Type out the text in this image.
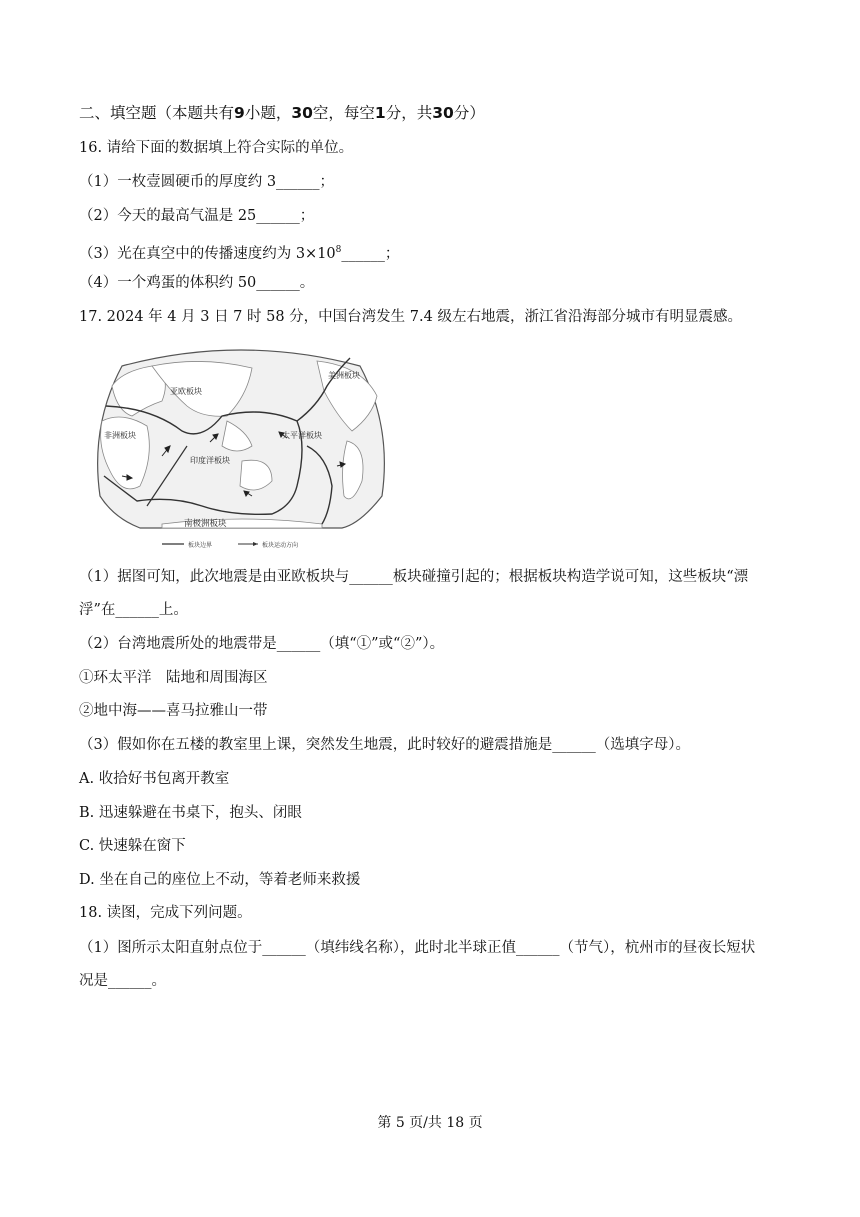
二、填空题（本题共有9小题，30空，每空1分，共30分）
16. 请给下面的数据填上符合实际的单位。
（1）一枚壹圆硬币的厚度约 3______；
（2）今天的最高气温是 25______；
（3）光在真空中的传播速度约为 $3\times 10^8\_\_\_\_\_\_$；
（4）一个鸡蛋的体积约 50______。
17. 2024 年 4 月 3 日 7 时 58 分，中国台湾发生 7.4 级左右地震，浙江省沿海部分城市有明显震感。
亚欧板块
美洲板块
非洲板块	太平洋板块
印度洋板块
南极洲板块
板块边界	板块运动方向
（1）据图可知，此次地震是由亚欧板块与______板块碰撞引起的；根据板块构造学说可知，这些板块“漂
浮”在______上。
（2）台湾地震所处的地震带是______（填“①”或“②”）。
①环太平洋　陆地和周围海区
②地中海——喜马拉雅山一带
（3）假如你在五楼的教室里上课，突然发生地震，此时较好的避震措施是______（选填字母）。
A. 收拾好书包离开教室
B. 迅速躲避在书桌下，抱头、闭眼
C. 快速躲在窗下
D. 坐在自己的座位上不动，等着老师来救援
18. 读图，完成下列问题。
（1）图所示太阳直射点位于______（填纬线名称），此时北半球正值______（节气），杭州市的昼夜长短状
况是______。
第 5 页/共 18 页
